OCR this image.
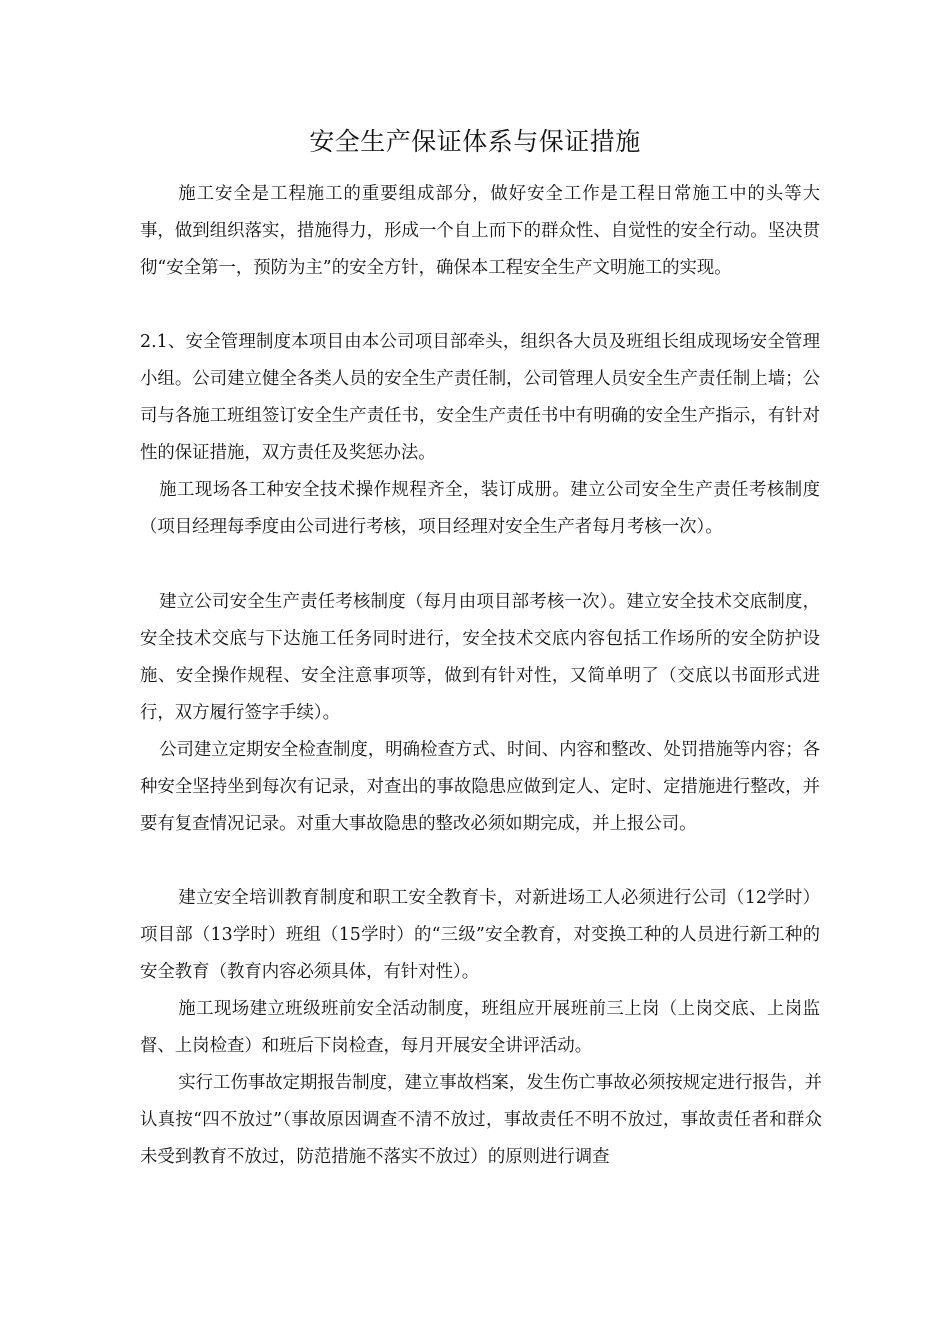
安全生产保证体系与保证措施

施工安全是工程施工的重要组成部分，做好安全工作是工程日常施工中的头等大事，做到组织落实，措施得力，形成一个自上而下的群众性、自觉性的安全行动。坚决贯彻“安全第一，预防为主”的安全方针，确保本工程安全生产文明施工的实现。

2.1、安全管理制度本项目由本公司项目部牵头，组织各大员及班组长组成现场安全管理小组。公司建立健全各类人员的安全生产责任制，公司管理人员安全生产责任制上墙；公司与各施工班组签订安全生产责任书，安全生产责任书中有明确的安全生产指示，有针对性的保证措施，双方责任及奖惩办法。

施工现场各工种安全技术操作规程齐全，装订成册。建立公司安全生产责任考核制度（项目经理每季度由公司进行考核，项目经理对安全生产者每月考核一次）。

建立公司安全生产责任考核制度（每月由项目部考核一次）。建立安全技术交底制度，安全技术交底与下达施工任务同时进行，安全技术交底内容包括工作场所的安全防护设施、安全操作规程、安全注意事项等，做到有针对性，又简单明了（交底以书面形式进行，双方履行签字手续）。

公司建立定期安全检查制度，明确检查方式、时间、内容和整改、处罚措施等内容；各种安全坚持坐到每次有记录，对查出的事故隐患应做到定人、定时、定措施进行整改，并要有复查情况记录。对重大事故隐患的整改必须如期完成，并上报公司。

建立安全培训教育制度和职工安全教育卡，对新进场工人必须进行公司（12学时）项目部（13学时）班组（15学时）的“三级”安全教育，对变换工种的人员进行新工种的安全教育（教育内容必须具体，有针对性）。

施工现场建立班级班前安全活动制度，班组应开展班前三上岗（上岗交底、上岗监督、上岗检查）和班后下岗检查，每月开展安全讲评活动。

实行工伤事故定期报告制度，建立事故档案，发生伤亡事故必须按规定进行报告，并认真按“四不放过”（事故原因调查不清不放过，事故责任不明不放过，事故责任者和群众未受到教育不放过，防范措施不落实不放过）的原则进行调查
